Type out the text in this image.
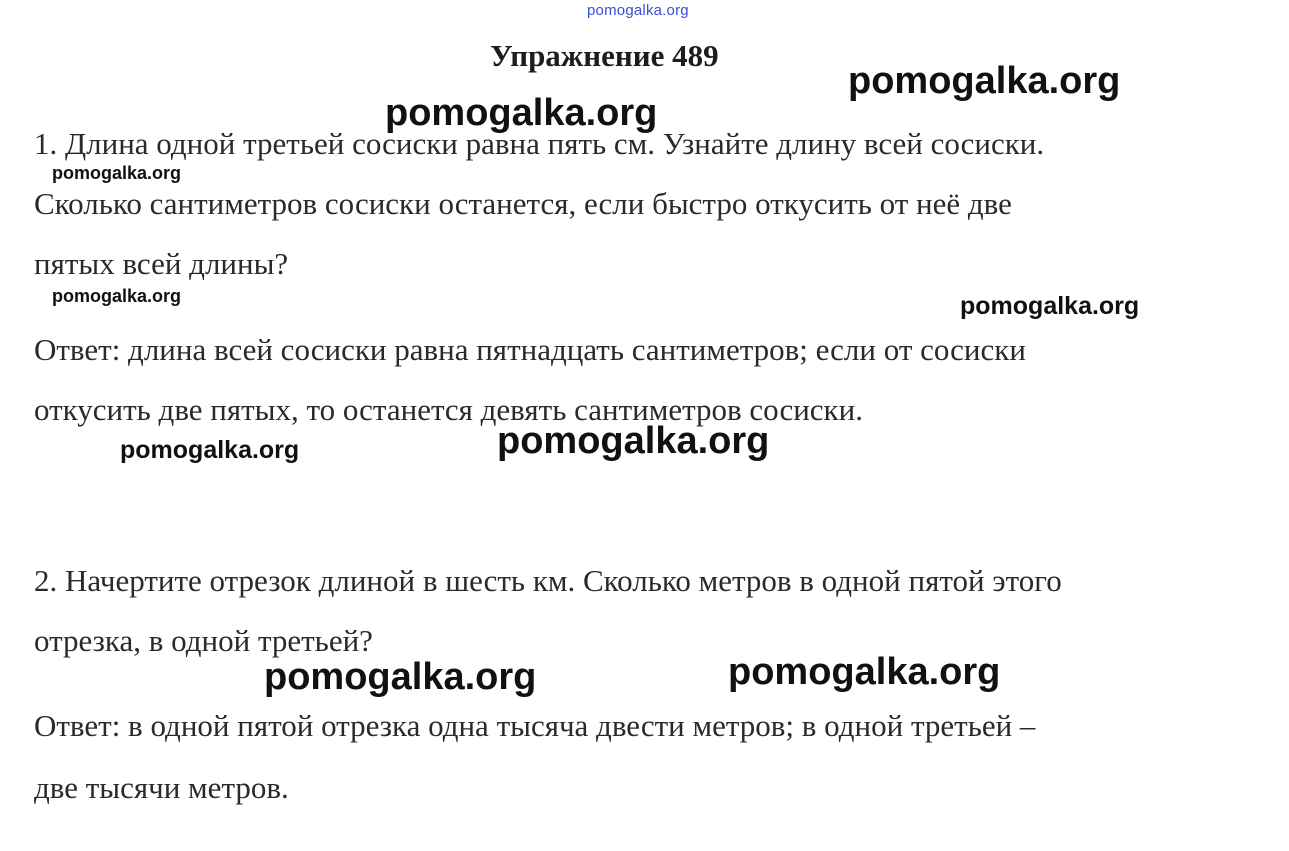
pomogalka.org
Упражнение 489
1. Длина одной третьей сосиски равна пять см. Узнайте длину всей сосиски.
Сколько сантиметров сосиски останется, если быстро откусить от неё две
пятых всей длины?
Ответ: длина всей сосиски равна пятнадцать сантиметров; если от сосиски
откусить две пятых, то останется девять сантиметров сосиски.
2. Начертите отрезок длиной в шесть км. Сколько метров в одной пятой этого
отрезка, в одной третьей?
Ответ: в одной пятой отрезка одна тысяча двести метров; в одной третьей –
две тысячи метров.
pomogalka.org
pomogalka.org
pomogalka.org
pomogalka.org	pomogalka.org
pomogalka.org	pomogalka.org
pomogalka.org	pomogalka.org
